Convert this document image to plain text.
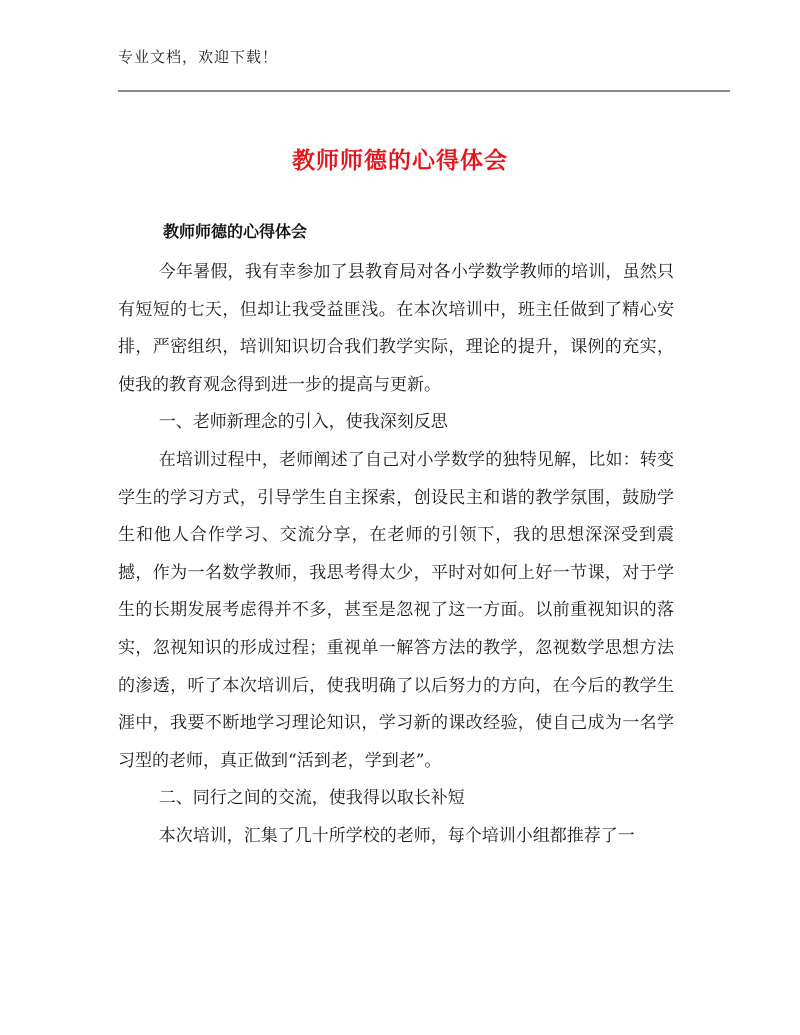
专业文档，欢迎下载！
教师师德的心得体会
教师师德的心得体会

今年暑假，我有幸参加了县教育局对各小学数学教师的培训，虽然只有短短的七天，但却让我受益匪浅。在本次培训中，班主任做到了精心安排，严密组织，培训知识切合我们教学实际，理论的提升，课例的充实，使我的教育观念得到进一步的提高与更新。

一、老师新理念的引入，使我深刻反思

在培训过程中，老师阐述了自己对小学数学的独特见解，比如：转变学生的学习方式，引导学生自主探索，创设民主和谐的教学氛围，鼓励学生和他人合作学习、交流分享，在老师的引领下，我的思想深深受到震撼，作为一名数学教师，我思考得太少，平时对如何上好一节课，对于学生的长期发展考虑得并不多，甚至是忽视了这一方面。以前重视知识的落实，忽视知识的形成过程；重视单一解答方法的教学，忽视数学思想方法的渗透，听了本次培训后，使我明确了以后努力的方向，在今后的教学生涯中，我要不断地学习理论知识，学习新的课改经验，使自己成为一名学习型的老师，真正做到“活到老，学到老”。

二、同行之间的交流，使我得以取长补短

本次培训，汇集了几十所学校的老师，每个培训小组都推荐了一
